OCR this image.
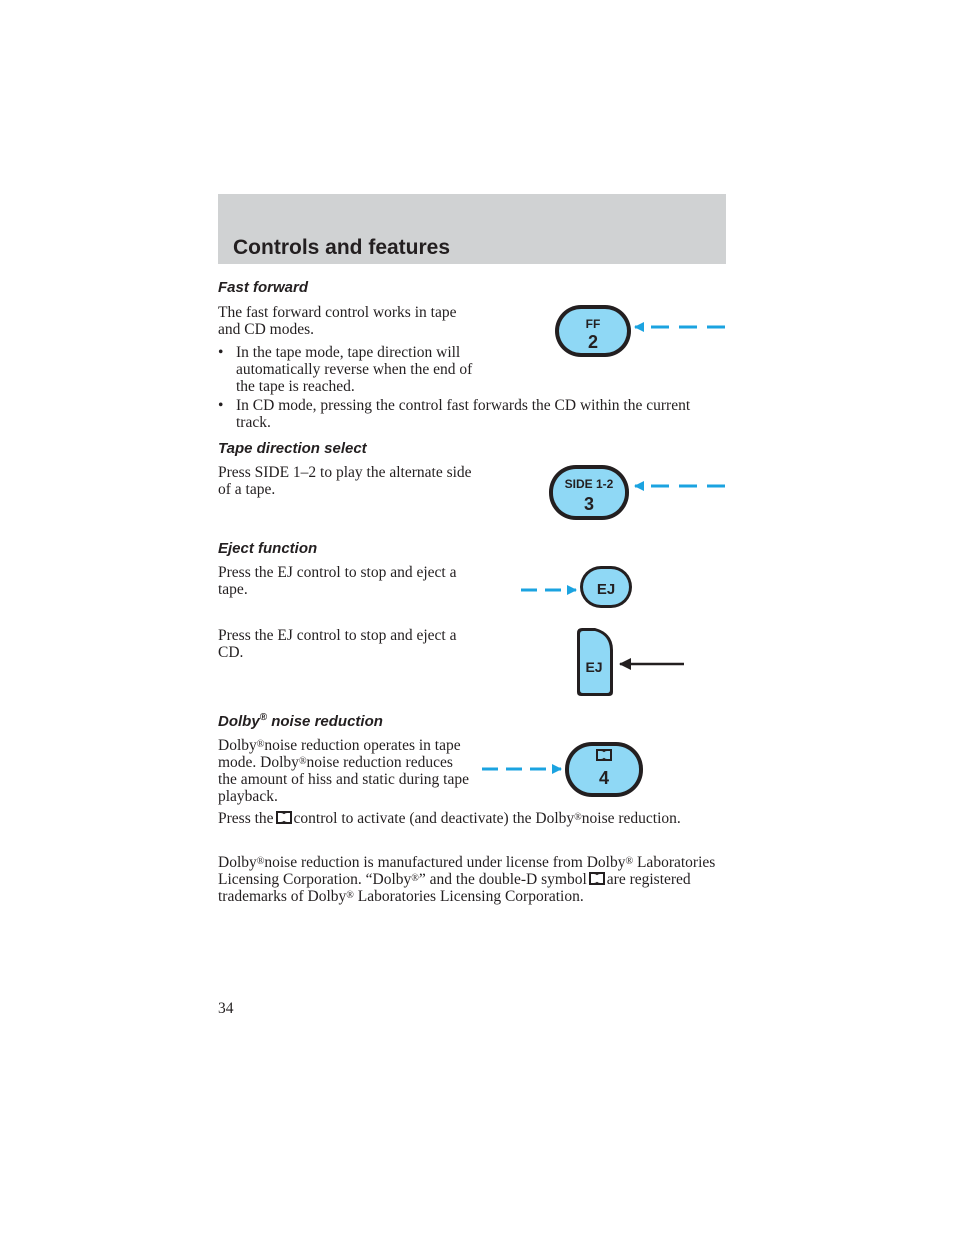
Controls and features
Fast forward
The fast forward control works in tape and CD modes.
• In the tape mode, tape direction will automatically reverse when the end of the tape is reached.
• In CD mode, pressing the control fast forwards the CD within the current track.
Tape direction select
Press SIDE 1–2 to play the alternate side of a tape.
Eject function
Press the EJ control to stop and eject a tape.
Press the EJ control to stop and eject a CD.
Dolby® noise reduction
Dolby®noise reduction operates in tape mode. Dolby®noise reduction reduces the amount of hiss and static during tape playback.
Press the control to activate (and deactivate) the Dolby®noise reduction.
Dolby®noise reduction is manufactured under license from Dolby® Laboratories Licensing Corporation. “Dolby®” and the double-D symbol are registered trademarks of Dolby® Laboratories Licensing Corporation.
34
FF
2
SIDE 1-2
3
EJ
EJ
4
